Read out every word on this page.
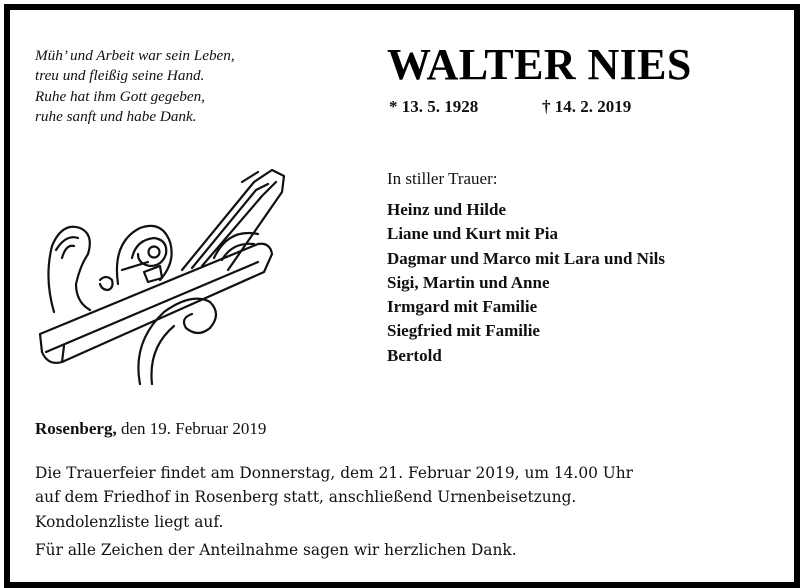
Müh’ und Arbeit war sein Leben,
treu und fleißig seine Hand.
Ruhe hat ihm Gott gegeben,
ruhe sanft und habe Dank.
WALTER NIES
* 13. 5. 1928	† 14. 2. 2019
In stiller Trauer:
Heinz und Hilde
Liane und Kurt mit Pia
Dagmar und Marco mit Lara und Nils
Sigi, Martin und Anne
Irmgard mit Familie
Siegfried mit Familie
Bertold
Rosenberg, den 19. Februar 2019
Die Trauerfeier findet am Donnerstag, dem 21. Februar 2019, um 14.00 Uhr
auf dem Friedhof in Rosenberg statt, anschließend Urnenbeisetzung.
Kondolenzliste liegt auf.
Für alle Zeichen der Anteilnahme sagen wir herzlichen Dank.
